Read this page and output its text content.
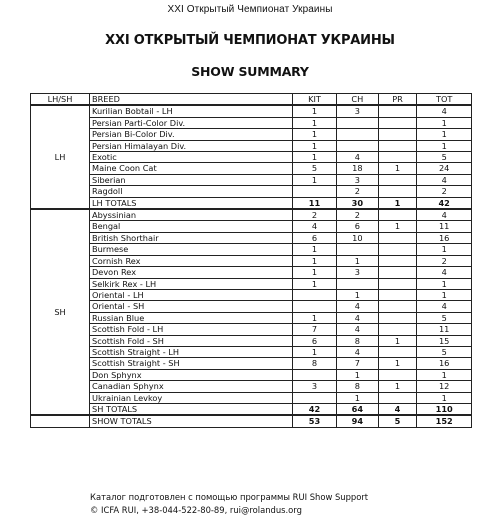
XXI Открытый Чемпионат Украины
XXI ОТКРЫТЫЙ ЧЕМПИОНАТ УКРАИНЫ
SHOW SUMMARY
LH/SH	BREED	KIT	CH	PR	TOT
LH	Kurilian Bobtail - LH	1	3		4
	Persian Parti-Color Div.	1			1
	Persian Bi-Color Div.	1			1
	Persian Himalayan Div.	1			1
	Exotic	1	4		5
	Maine Coon Cat	5	18	1	24
	Siberian	1	3		4
	Ragdoll		2		2
	LH TOTALS	11	30	1	42
SH	Abyssinian	2	2		4
	Bengal	4	6	1	11
	British Shorthair	6	10		16
	Burmese	1			1
	Cornish Rex	1	1		2
	Devon Rex	1	3		4
	Selkirk Rex - LH	1			1
	Oriental - LH		1		1
	Oriental - SH		4		4
	Russian Blue	1	4		5
	Scottish Fold - LH	7	4		11
	Scottish Fold - SH	6	8	1	15
	Scottish Straight - LH	1	4		5
	Scottish Straight - SH	8	7	1	16
	Don Sphynx		1		1
	Canadian Sphynx	3	8	1	12
	Ukrainian Levkoy		1		1
	SH TOTALS	42	64	4	110
	SHOW TOTALS	53	94	5	152
Каталог подготовлен с помощью программы RUI Show Support
© ICFA RUI, +38-044-522-80-89, rui@rolandus.org
